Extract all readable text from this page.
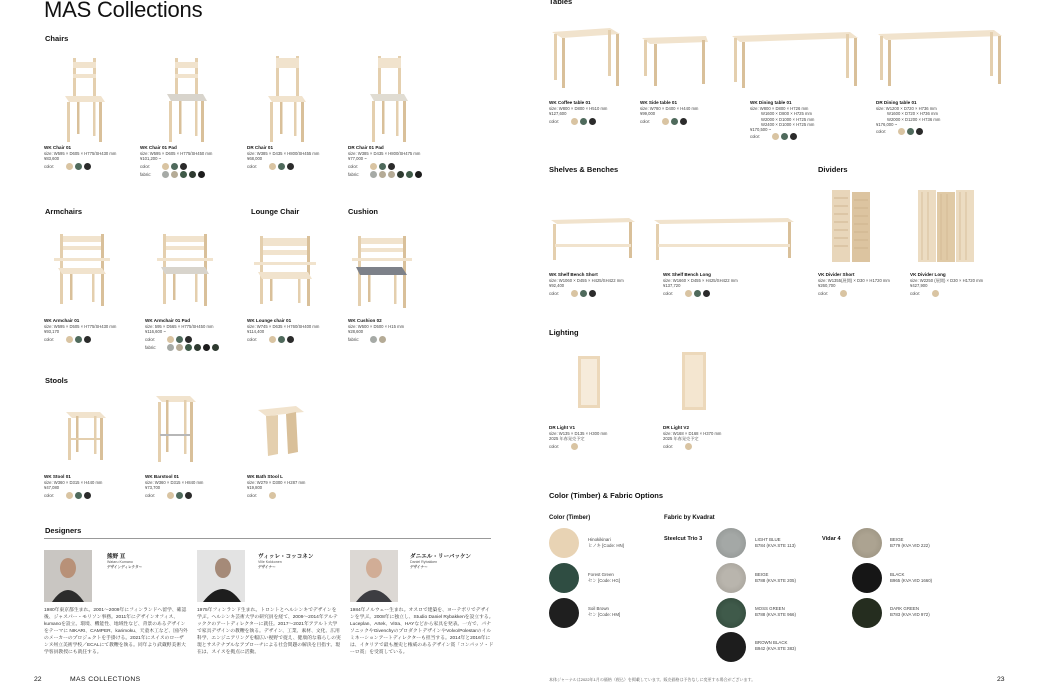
MAS Collections
Chairs
WK Chair 01
size: W595 × D605 × H775/SH430 mm
¥83,600
color:
WK Chair 01 Pad
size: W595 × D605 × H775/SH450 mm
¥101,200 ~
color:
fabric:
DR Chair 01
size: W385 × D435 × H800/SH455 mm
¥68,000
color:
DR Chair 01 Pad
size: W385 × D435 × H800/SH475 mm
¥77,000 ~
color:
fabric:
Armchairs	Lounge Chair	Cushion
WK Armchair 01
size: W595 × D505 × H775/SH430 mm
¥93,170
color:
WK Armchair 01 Pad
size: 595 × D565 × H775/SH450 mm
¥116,600 ~
color:
fabric:
WK Lounge chair 01
size: W745 × D635 × H760/SH400 mm
¥114,400
color:
WK Cushion 02
size: W500 × D500 × H15 mm
¥28,600
fabric:
Stools
WK Stool 01
size: W360 × D315 × H440 mm
¥47,080
color:
WK Barstool 01
size: W360 × D315 × H840 mm
¥73,700
color:
WK Bath Stool L
size: W279 × D300 × H287 mm
¥19,800
color:
Designers
熊野 亘
Wataru Kumano
デザインディレクター
ヴィッレ・コッコネン
Ville Kokkonen
デザイナー
ダニエル・リーバッケン
Daniel Rybakken
デザイナー
1980年東京都生まれ。2001～2009年にフィンランドへ留学、確認後、ジャスパー・モリソン事務。2011年にデザインオフィス、kumanoを設立。環境、機能性、地域性など、背景のあるデザインをテーマに NIKARI、CAMPER、karimoku、天童木工など、国内外のメーカーのプロジェクトを手掛ける。2021年にスイスのローザンヌ州立美術学校／ECALにて教鞭を執る。同年より武蔵野美術大学客員教授にも就任する。
1975年フィンランド生まれ。トロントとヘルシンキでデザインを学ぶ。ヘルシンキ芸術大学の研究員を経て、2009～2014年アルテッククのアートディレクターに就任。2017～2021年アアルト大学で家具デザインの教鞭を執る。デザイン、工業、素材、文化、広用科学、エンジニアリングを幅広い視野で捉え、健康的な暮らしの実現とサステナブルなアプローチによる社会問題の解決を目指す。現在は、スイスを拠点に活動。
1984年ノルウェー生まれ。オスロで建築を、ヨーテボリでデザインを学ぶ。2008年に独立し、Studio Daniel Rybakkenを設立する。Luceplan、Artek、Vitra、HAYなどから家具を発表。一方で、パナソニックやGivenchyのプロダクトデザインやVolvo/Polestarのイルミネーションアートディレクターも担当する。2014年と2016年には、イタリアで最も歴史と権威のあるデザイン賞「コンパッソ・ドーロ賞」を受賞している。
22	MAS COLLECTIONS
Tables
WK Coffee table 01
size: W800 × D800 × H510 mm
¥127,600
color:
WK Side table 01
size: W780 × D400 × H440 mm
¥99,000
color:
WK Dining table 01
size: W800 × D800 × H726 mm
W1600 × D800 × H725 mm
W2000 × D1000 × H725 mm
W2400 × D1000 × H725 mm
¥170,500 ~
color:
DR Dining table 01
size: W1200 × D720 × H736 mm
W1600 × D720 × H736 mm
W2000 × D1200 × H736 mm
¥176,000 ~
color:
Shelves & Benches	Dividers
WK Shelf Bench Short
size: W1060 × D455 × H425/SH422 mm
¥92,400
color:
WK Shelf Bench Long
size: W1660 × D455 × H425/SH422 mm
¥137,720
color:
VK Divider Short
size: W1355(展開) × D30 × H1720 mm
¥260,700
color:
VK Divider Long
size: W2250 (展開) × D30 × H1720 mm
¥427,900
color:
Lighting
DR Light V1
size: W135 × D135 × H300 mm
2025 年春発売予定
color:
DR Light V2
size: W168 × D168 × H370 mm
2025 年春発売予定
color:
Color (Timber) & Fabric Options
Color (Timber)	Fabric by Kvadrat
Steelcut Trio 3	Vidar 4
Hinokikinari
ヒノキ [Code: HN]
Forest Green
セン [Code: HG]
Soil Brown
セン [Code: HM]
LIGHT BLUE
B784 (KVA STE 113)
BEIGE
B788 (KVA STE 205)
MOSS GREEN
B788 (KVA STE 966)
BROWN BLACK
B942 (KVA STE 383)
BEIGE
B779 (KVA VID 222)
BLACK
B965 (KVA VID 1660)
DARK GREEN
B783 (KVA VID 972)
本体ジャーナルは2022年1月の価格（税込）を掲載しています。販売価格は予告なしに変更する場合がございます。	23
